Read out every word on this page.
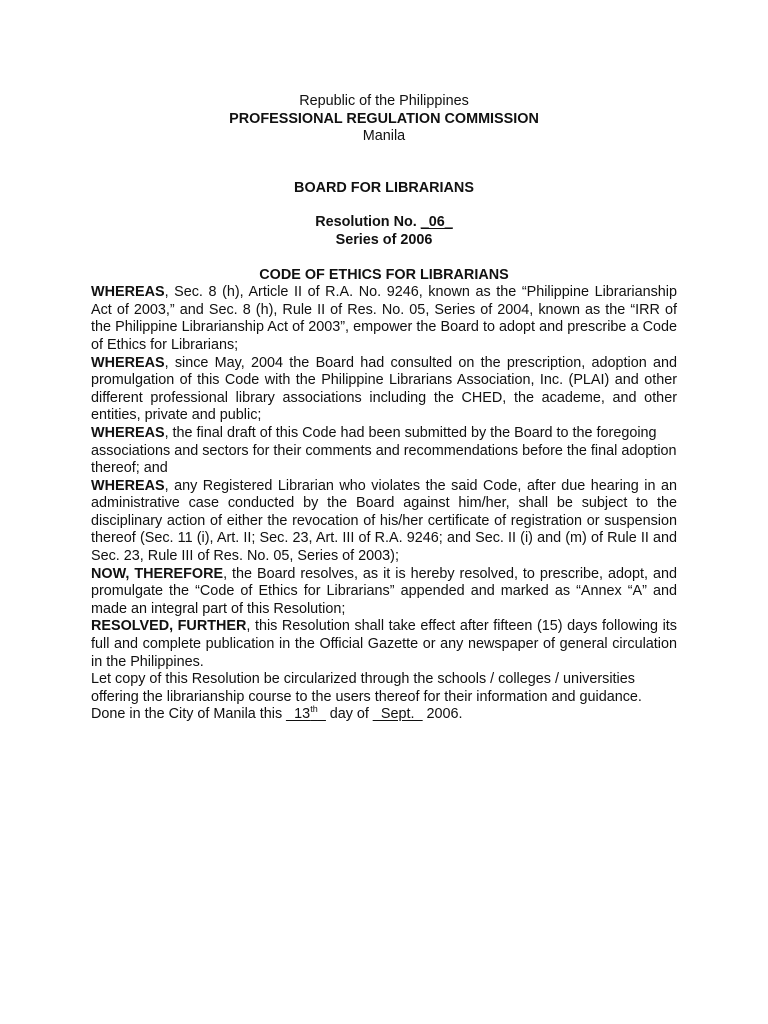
Republic of the Philippines
PROFESSIONAL REGULATION COMMISSION
Manila
BOARD FOR LIBRARIANS
Resolution No. _06_
Series of 2006
CODE OF ETHICS FOR LIBRARIANS

WHEREAS, Sec. 8 (h), Article II of R.A. No. 9246, known as the “Philippine Librarianship Act of 2003,” and Sec. 8 (h), Rule II of Res. No. 05, Series of 2004, known as the “IRR of the Philippine Librarianship Act of 2003”, empower the Board to adopt and prescribe a Code of Ethics for Librarians;

WHEREAS, since May, 2004 the Board had consulted on the prescription, adoption and promulgation of this Code with the Philippine Librarians Association, Inc. (PLAI) and other different professional library associations including the CHED, the academe, and other entities, private and public;

WHEREAS, the final draft of this Code had been submitted by the Board to the foregoing associations and sectors for their comments and recommendations before the final adoption thereof; and

WHEREAS, any Registered Librarian who violates the said Code, after due hearing in an administrative case conducted by the Board against him/her, shall be subject to the disciplinary action of either the revocation of his/her certificate of registration or suspension thereof (Sec. 11 (i), Art. II; Sec. 23, Art. III of R.A. 9246; and Sec. II (i) and (m) of Rule II and Sec. 23, Rule III of Res. No. 05, Series of 2003);

NOW, THEREFORE, the Board resolves, as it is hereby resolved, to prescribe, adopt, and promulgate the “Code of Ethics for Librarians” appended and marked as “Annex “A” and made an integral part of this Resolution;

RESOLVED, FURTHER, this Resolution shall take effect after fifteen (15) days following its full and complete publication in the Official Gazette or any newspaper of general circulation in the Philippines.

Let copy of this Resolution be circularized through the schools / colleges / universities offering the librarianship course to the users thereof for their information and guidance.

Done in the City of Manila this _13th_ day of _Sept._ 2006.
